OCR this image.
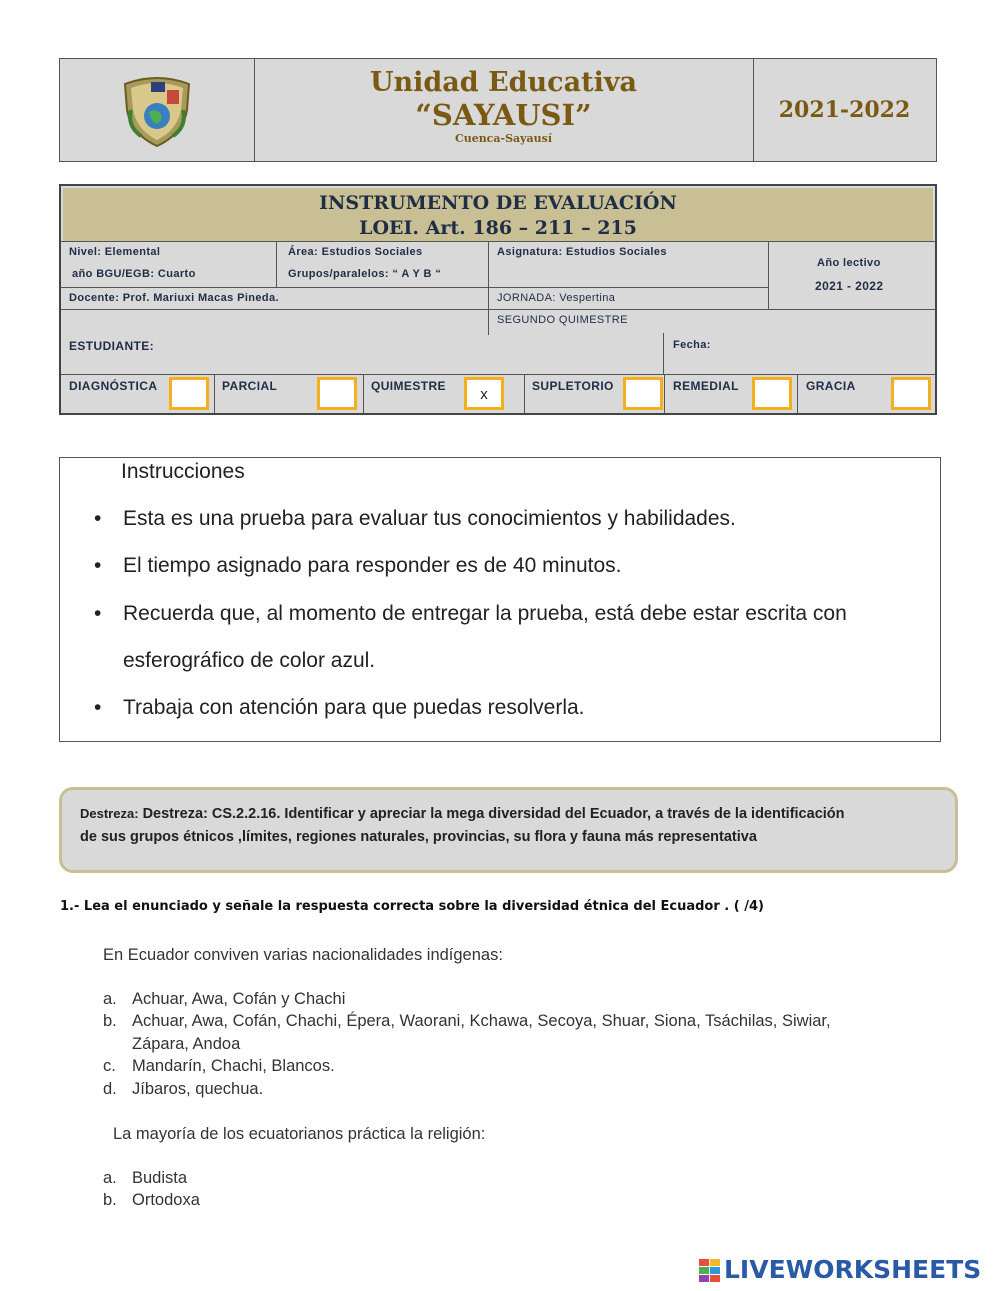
Unidad Educativa
“SAYAUSI”
Cuenca-Sayausí
2021-2022
INSTRUMENTO DE EVALUACIÓN
LOEI. Art. 186 – 211 – 215
Nivel: Elemental
año BGU/EGB: Cuarto
Área: Estudios Sociales
Grupos/paralelos: “ A Y B “
Asignatura: Estudios Sociales
Año lectivo
2021 - 2022
Docente: Prof. Mariuxi Macas Pineda.	JORNADA: Vespertina
SEGUNDO QUIMESTRE
ESTUDIANTE:	Fecha:
DIAGNÓSTICA	PARCIAL	QUIMESTRE	x	SUPLETORIO	REMEDIAL	GRACIA
Instrucciones
• Esta es una prueba para evaluar tus conocimientos y habilidades.
• El tiempo asignado para responder es de 40 minutos.
• Recuerda que, al momento de entregar la prueba, está debe estar escrita con
esferográfico de color azul.
• Trabaja con atención para que puedas resolverla.
Destreza: Destreza: CS.2.2.16. Identificar y apreciar la mega diversidad del Ecuador, a través de la identificación
de sus grupos étnicos ,límites, regiones naturales, provincias, su flora y fauna más representativa
1.- Lea el enunciado y señale la respuesta correcta sobre la diversidad étnica del Ecuador . ( /4)
En Ecuador conviven varias nacionalidades indígenas:
a. Achuar, Awa, Cofán y Chachi
b. Achuar, Awa, Cofán, Chachi, Épera, Waorani, Kchawa, Secoya, Shuar, Siona, Tsáchilas, Siwiar,
Zápara, Andoa
c. Mandarín, Chachi, Blancos.
d. Jíbaros, quechua.
La mayoría de los ecuatorianos práctica la religión:
a. Budista
b. Ortodoxa
LIVEWORKSHEETS
